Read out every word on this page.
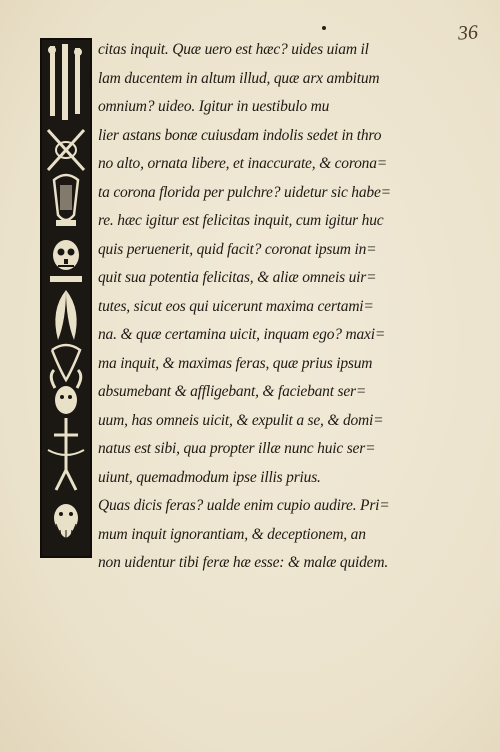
36
citas inquit. Quæ uero est hæc? uides uiam il
lam ducentem in altum illud, quæ arx ambitum
omnium? uideo. Igitur in uestibulo mu
lier astans bonæ cuiusdam indolis sedet in thro
no alto, ornata libere, et inaccurate, & corona=
ta corona florida per pulchre? uidetur sic habe=
re. hæc igitur est felicitas inquit, cum igitur huc
quis peruenerit, quid facit? coronat ipsum in=
quit sua potentia felicitas, & aliæ omneis uir=
tutes, sicut eos qui uicerunt maxima certami=
na. & quæ certamina uicit, inquam ego? maxi=
ma inquit, & maximas feras, quæ prius ipsum
absumebant & affligebant, & faciebant ser=
uum, has omneis uicit, & expulit a se, & domi=
natus est sibi, qua propter illæ nunc huic ser=
uiunt, quemadmodum ipse illis prius.
Quas dicis feras? ualde enim cupio audire. Pri=
mum inquit ignorantiam, & deceptionem, an
non uidentur tibi feræ hæ esse: & malæ quidem.
